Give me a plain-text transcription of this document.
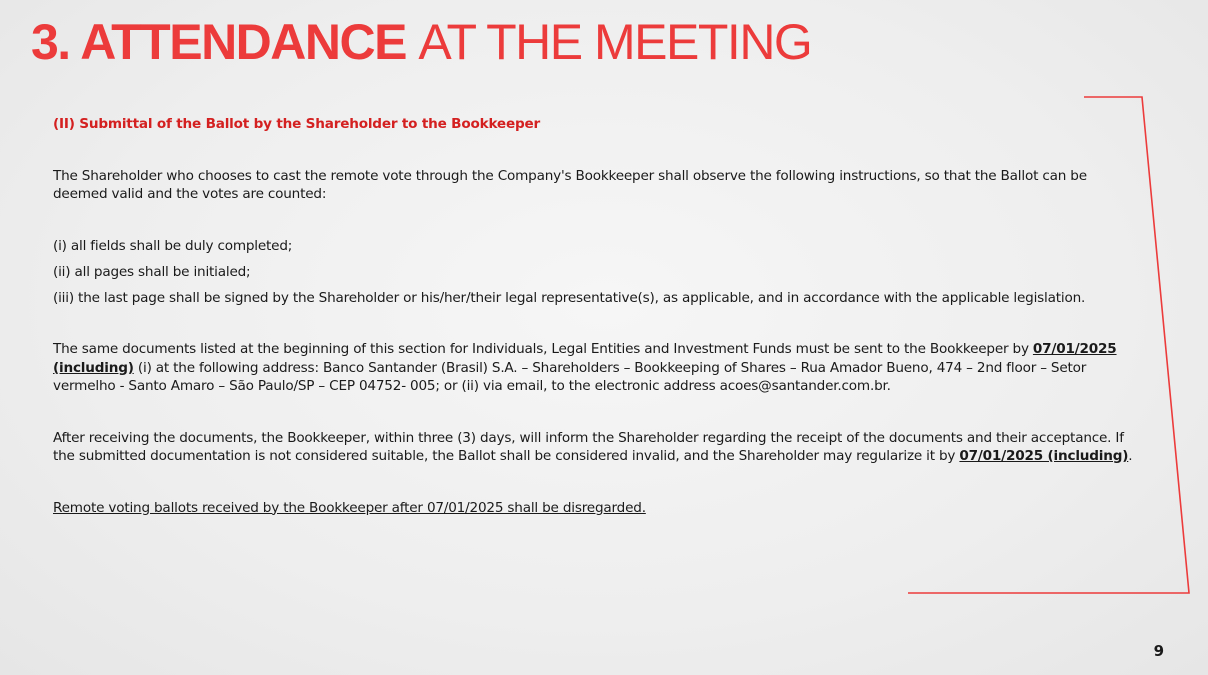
3. ATTENDANCE AT THE MEETING

(II) Submittal of the Ballot by the Shareholder to the Bookkeeper

The Shareholder who chooses to cast the remote vote through the Company's Bookkeeper shall observe the following instructions, so that the Ballot can be deemed valid and the votes are counted:

(i) all fields shall be duly completed;

(ii) all pages shall be initialed;

(iii) the last page shall be signed by the Shareholder or his/her/their legal representative(s), as applicable, and in accordance with the applicable legislation.

The same documents listed at the beginning of this section for Individuals, Legal Entities and Investment Funds must be sent to the Bookkeeper by 07/01/2025 (including) (i) at the following address: Banco Santander (Brasil) S.A. – Shareholders – Bookkeeping of Shares – Rua Amador Bueno, 474 – 2nd floor – Setor vermelho - Santo Amaro – São Paulo/SP – CEP 04752- 005; or (ii) via email, to the electronic address acoes@santander.com.br.

After receiving the documents, the Bookkeeper, within three (3) days, will inform the Shareholder regarding the receipt of the documents and their acceptance. If the submitted documentation is not considered suitable, the Ballot shall be considered invalid, and the Shareholder may regularize it by 07/01/2025 (including).

Remote voting ballots received by the Bookkeeper after 07/01/2025 shall be disregarded.

9
